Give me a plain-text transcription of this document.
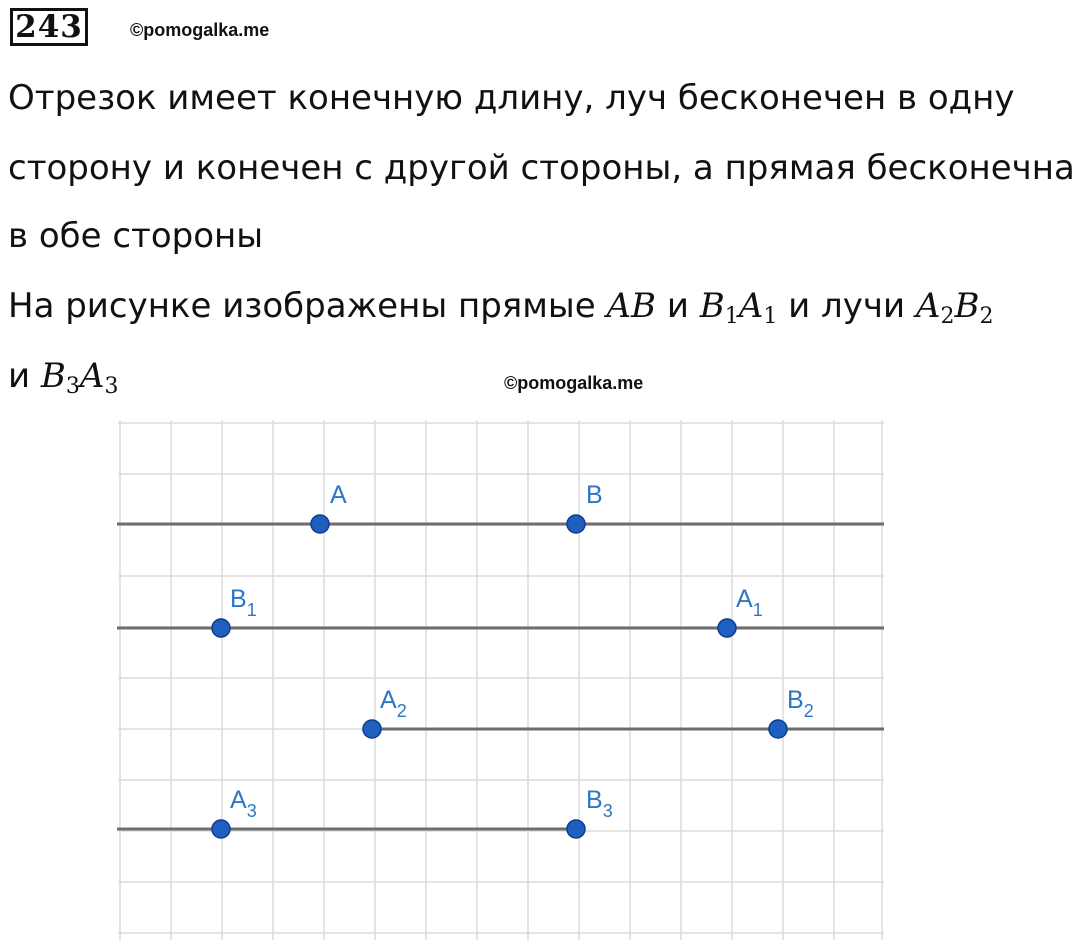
243	©pomogalka.me
Отрезок имеет конечную длину, луч бесконечен в одну
сторону и конечен с другой стороны, а прямая бесконечна
в обе стороны
На рисунке изображены прямые AB и $B_1A_1$ и лучи $A_2B_2$
и $B_3A_3$	©pomogalka.me
A	B
$B_1$	$A_1$
$A_2$	$B_2$
$A_3$	$B_3$
